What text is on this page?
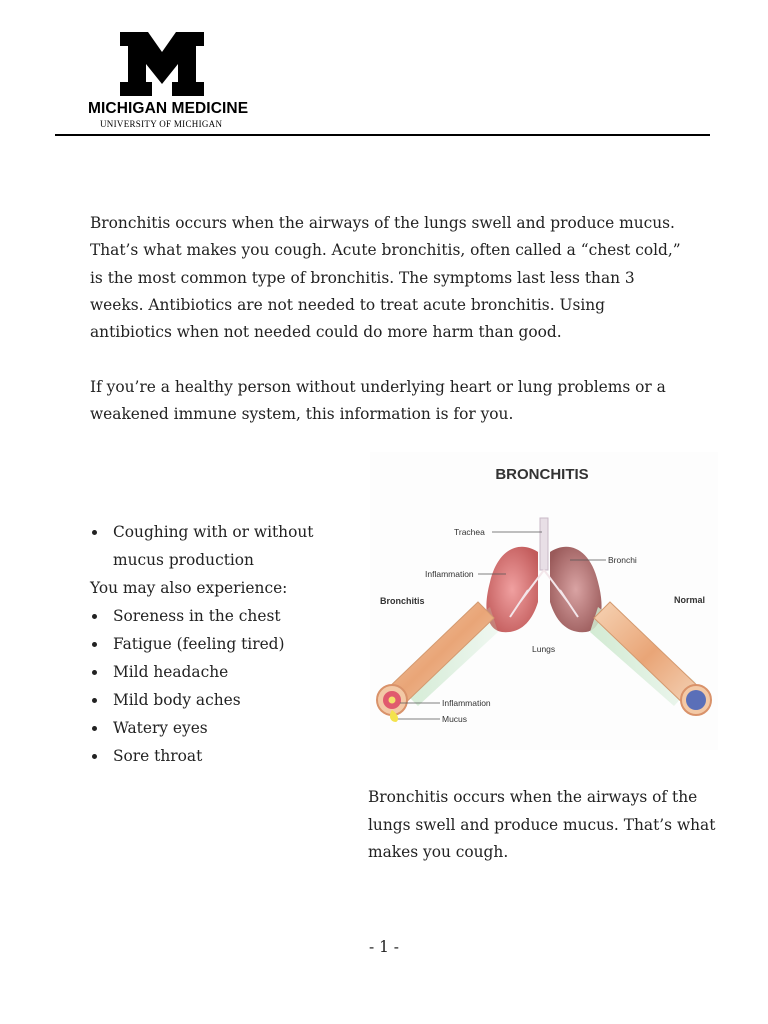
MICHIGAN MEDICINE
UNIVERSITY OF MICHIGAN

Bronchitis occurs when the airways of the lungs swell and produce mucus. That’s what makes you cough. Acute bronchitis, often called a “chest cold,” is the most common type of bronchitis. The symptoms last less than 3 weeks. Antibiotics are not needed to treat acute bronchitis. Using antibiotics when not needed could do more harm than good.

If you’re a healthy person without underlying heart or lung problems or a weakened immune system, this information is for you.

Coughing with or without mucus production

You may also experience:

Soreness in the chest
Fatigue (feeling tired)
Mild headache
Mild body aches
Watery eyes
Sore throat
BRONCHITIS
Trachea
Bronchi
Inflammation
Bronchitis	Normal
Lungs
Inflammation
Mucus

Bronchitis occurs when the airways of the lungs swell and produce mucus. That’s what makes you cough.

- 1 -
